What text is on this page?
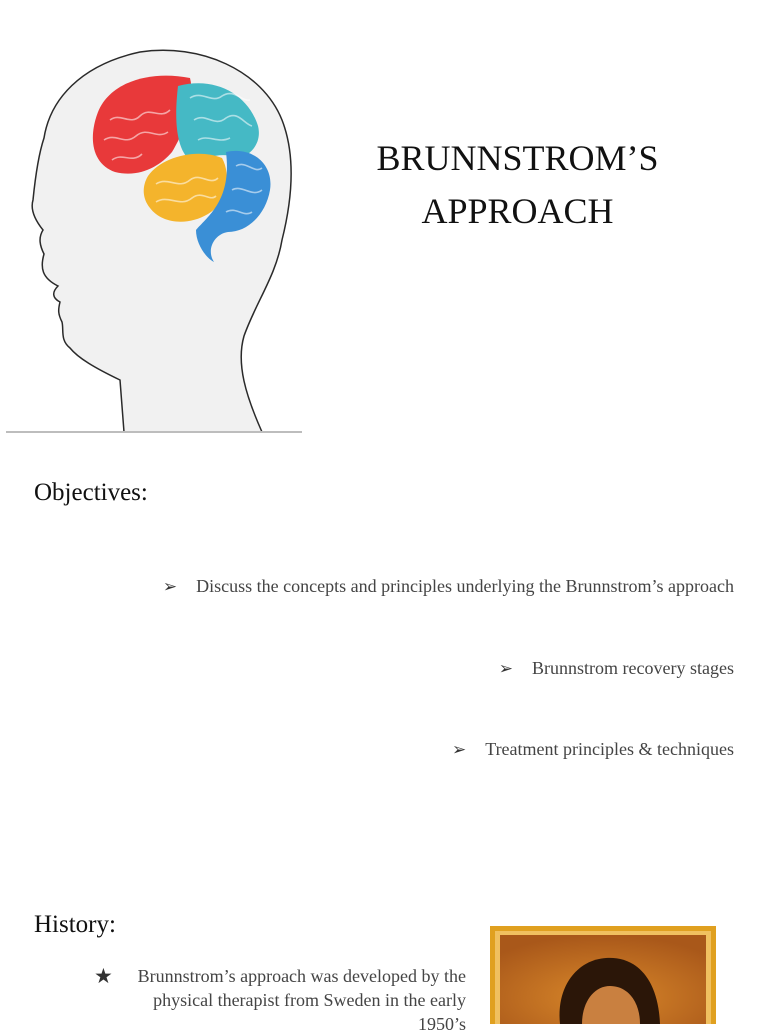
BRUNNSTROM’S
APPROACH
Objectives:
➢ Discuss the concepts and principles underlying the Brunnstrom’s approach
➢ Brunnstrom recovery stages
➢ Treatment principles & techniques
History:
★ Brunnstrom’s approach was developed by the physical therapist from Sweden in the early 1950’s
